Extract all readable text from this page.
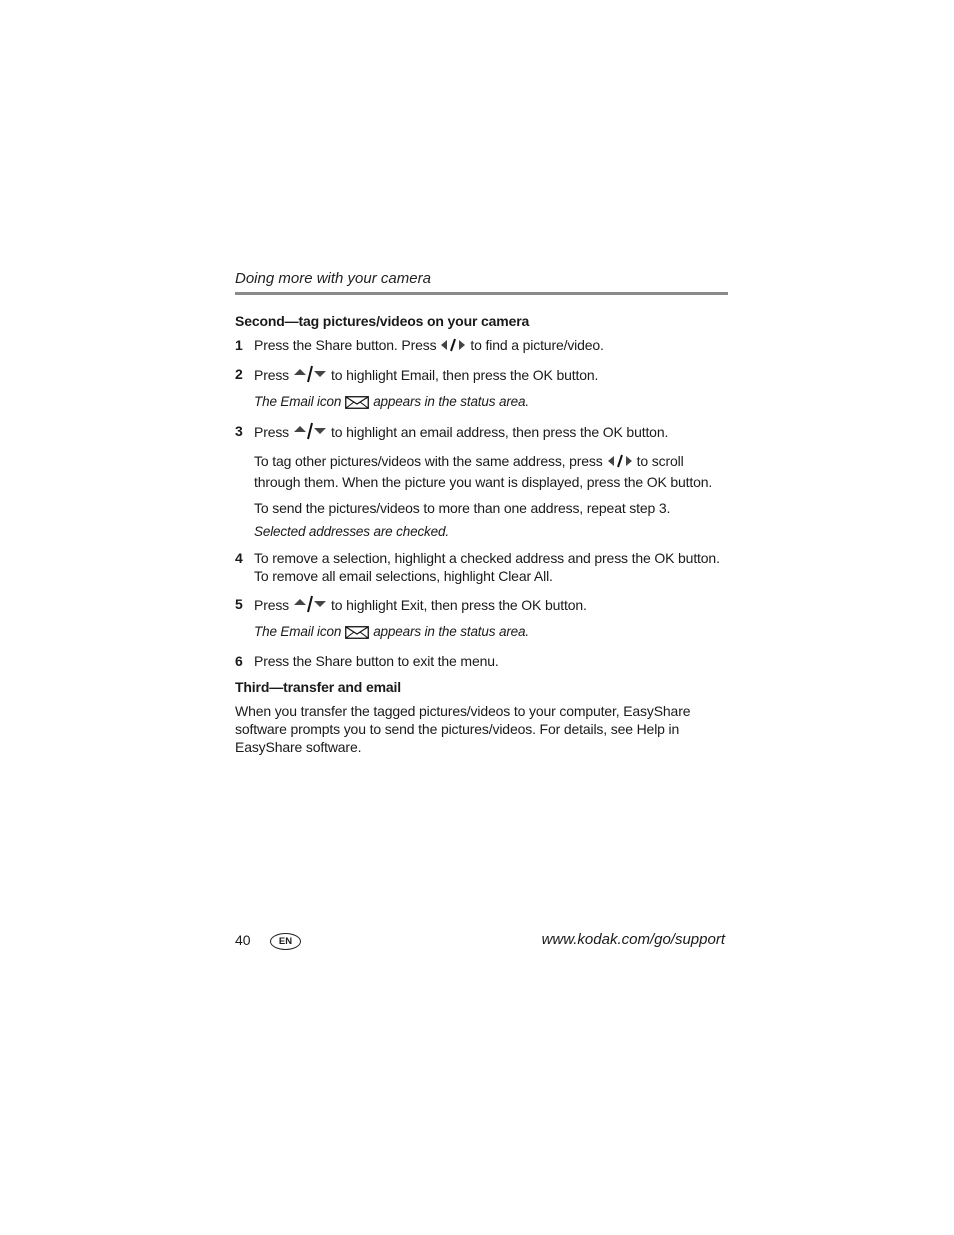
Doing more with your camera
Second—tag pictures/videos on your camera
1 Press the Share button. Press to find a picture/video.
2 Press	to highlight Email, then press the OK button.
The Email icon appears in the status area.
3 Press	to highlight an email address, then press the OK button.
To tag other pictures/videos with the same address, press to scroll through them. When the picture you want is displayed, press the OK button.
To send the pictures/videos to more than one address, repeat step 3.
Selected addresses are checked.
4 To remove a selection, highlight a checked address and press the OK button. To remove all email selections, highlight Clear All.
5 Press	to highlight Exit, then press the OK button.
The Email icon appears in the status area.
6 Press the Share button to exit the menu.
Third—transfer and email

When you transfer the tagged pictures/videos to your computer, EasyShare software prompts you to send the pictures/videos. For details, see Help in EasyShare software.

40	EN	www.kodak.com/go/support
